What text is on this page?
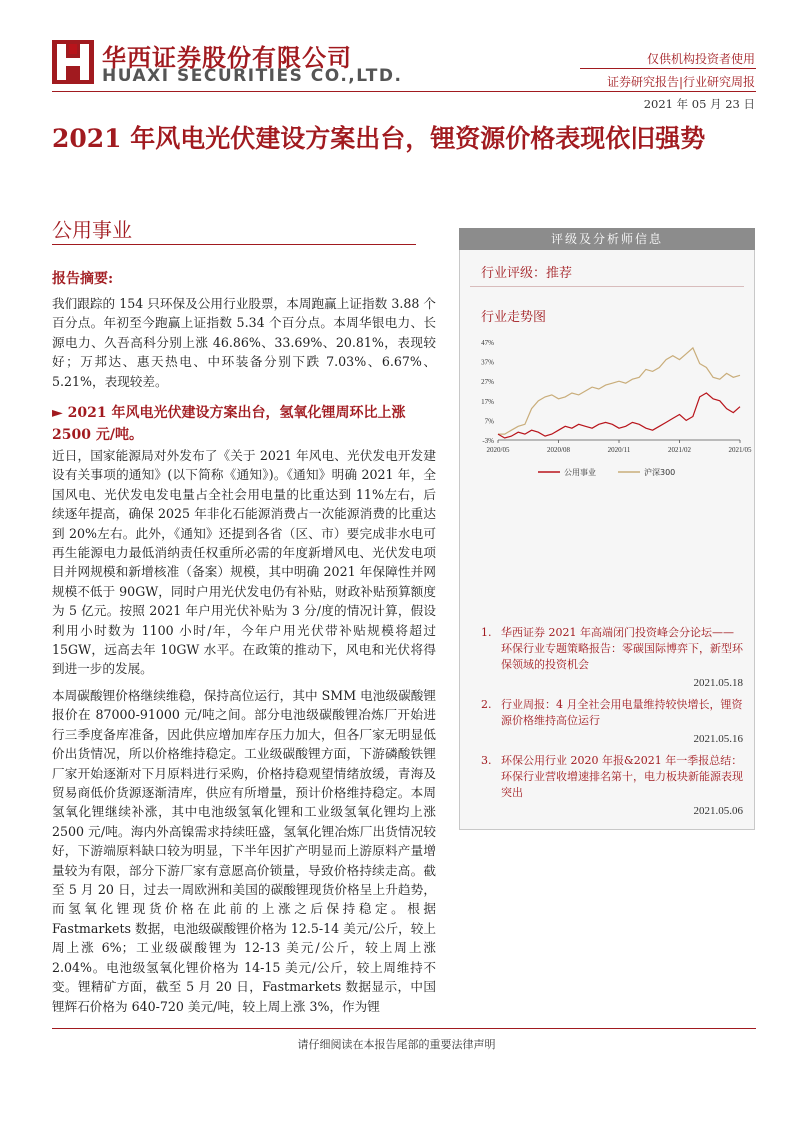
华西证券股份有限公司
HUAXI SECURITIES CO.,LTD.
仅供机构投资者使用
证券研究报告|行业研究周报
2021 年 05 月 23 日
2021 年风电光伏建设方案出台，锂资源价格表现依旧强势
公用事业
报告摘要:
我们跟踪的 154 只环保及公用行业股票，本周跑赢上证指数 3.88 个百分点。年初至今跑赢上证指数 5.34 个百分点。本周华银电力、长源电力、久吾高科分别上涨 46.86%、33.69%、20.81%，表现较好；万邦达、惠天热电、中环装备分别下跌 7.03%、6.67%、5.21%，表现较差。
► 2021 年风电光伏建设方案出台，氢氧化锂周环比上涨 2500 元/吨。
近日，国家能源局对外发布了《关于 2021 年风电、光伏发电开发建设有关事项的通知》(以下简称《通知》)。《通知》明确 2021 年，全国风电、光伏发电发电量占全社会用电量的比重达到 11%左右，后续逐年提高，确保 2025 年非化石能源消费占一次能源消费的比重达到 20%左右。此外，《通知》还提到各省（区、市）要完成非水电可再生能源电力最低消纳责任权重所必需的年度新增风电、光伏发电项目并网规模和新增核准（备案）规模，其中明确 2021 年保障性并网规模不低于 90GW，同时户用光伏发电仍有补贴，财政补贴预算额度为 5 亿元。按照 2021 年户用光伏补贴为 3 分/度的情况计算，假设利用小时数为 1100 小时/年，今年户用光伏带补贴规模将超过 15GW，远高去年 10GW 水平。在政策的推动下，风电和光伏将得到进一步的发展。
本周碳酸锂价格继续维稳，保持高位运行，其中 SMM 电池级碳酸锂报价在 87000-91000 元/吨之间。部分电池级碳酸锂冶炼厂开始进行三季度备库准备，因此供应增加库存压力加大，但各厂家无明显低价出货情况，所以价格维持稳定。工业级碳酸锂方面，下游磷酸铁锂厂家开始逐渐对下月原料进行采购，价格持稳观望情绪放缓，青海及贸易商低价货源逐渐清库，供应有所增量，预计价格维持稳定。本周氢氧化锂继续补涨，其中电池级氢氧化锂和工业级氢氧化锂均上涨 2500 元/吨。海内外高镍需求持续旺盛，氢氧化锂冶炼厂出货情况较好，下游端原料缺口较为明显，下半年因扩产明显而上游原料产量增量较为有限，部分下游厂家有意愿高价锁量，导致价格持续走高。截至 5 月 20 日，过去一周欧洲和美国的碳酸锂现货价格呈上升趋势，而氢氧化锂现货价格在此前的上涨之后保持稳定。根据 Fastmarkets 数据，电池级碳酸锂价格为 12.5-14 美元/公斤，较上周上涨 6%；工业级碳酸锂为 12-13 美元/公斤，较上周上涨 2.04%。电池级氢氧化锂价格为 14-15 美元/公斤，较上周维持不变。锂精矿方面，截至 5 月 20 日，Fastmarkets 数据显示，中国锂辉石价格为 640-720 美元/吨，较上周上涨 3%，作为锂
评级及分析师信息
行业评级：推荐
行业走势图
47%
37%
27%
17%
7%
-3%
2020/05	2020/08	2020/11	2021/02	2021/05
公用事业	沪深300
1. 华西证券 2021 年高端闭门投资峰会分论坛——环保行业专题策略报告：零碳国际博弈下，新型环保领域的投资机会
2021.05.18
2. 行业周报：4 月全社会用电量维持较快增长，锂资源价格维持高位运行
2021.05.16
3. 环保公用行业 2020 年报&2021 年一季报总结：环保行业营收增速排名第十，电力板块新能源表现突出
2021.05.06
请仔细阅读在本报告尾部的重要法律声明
